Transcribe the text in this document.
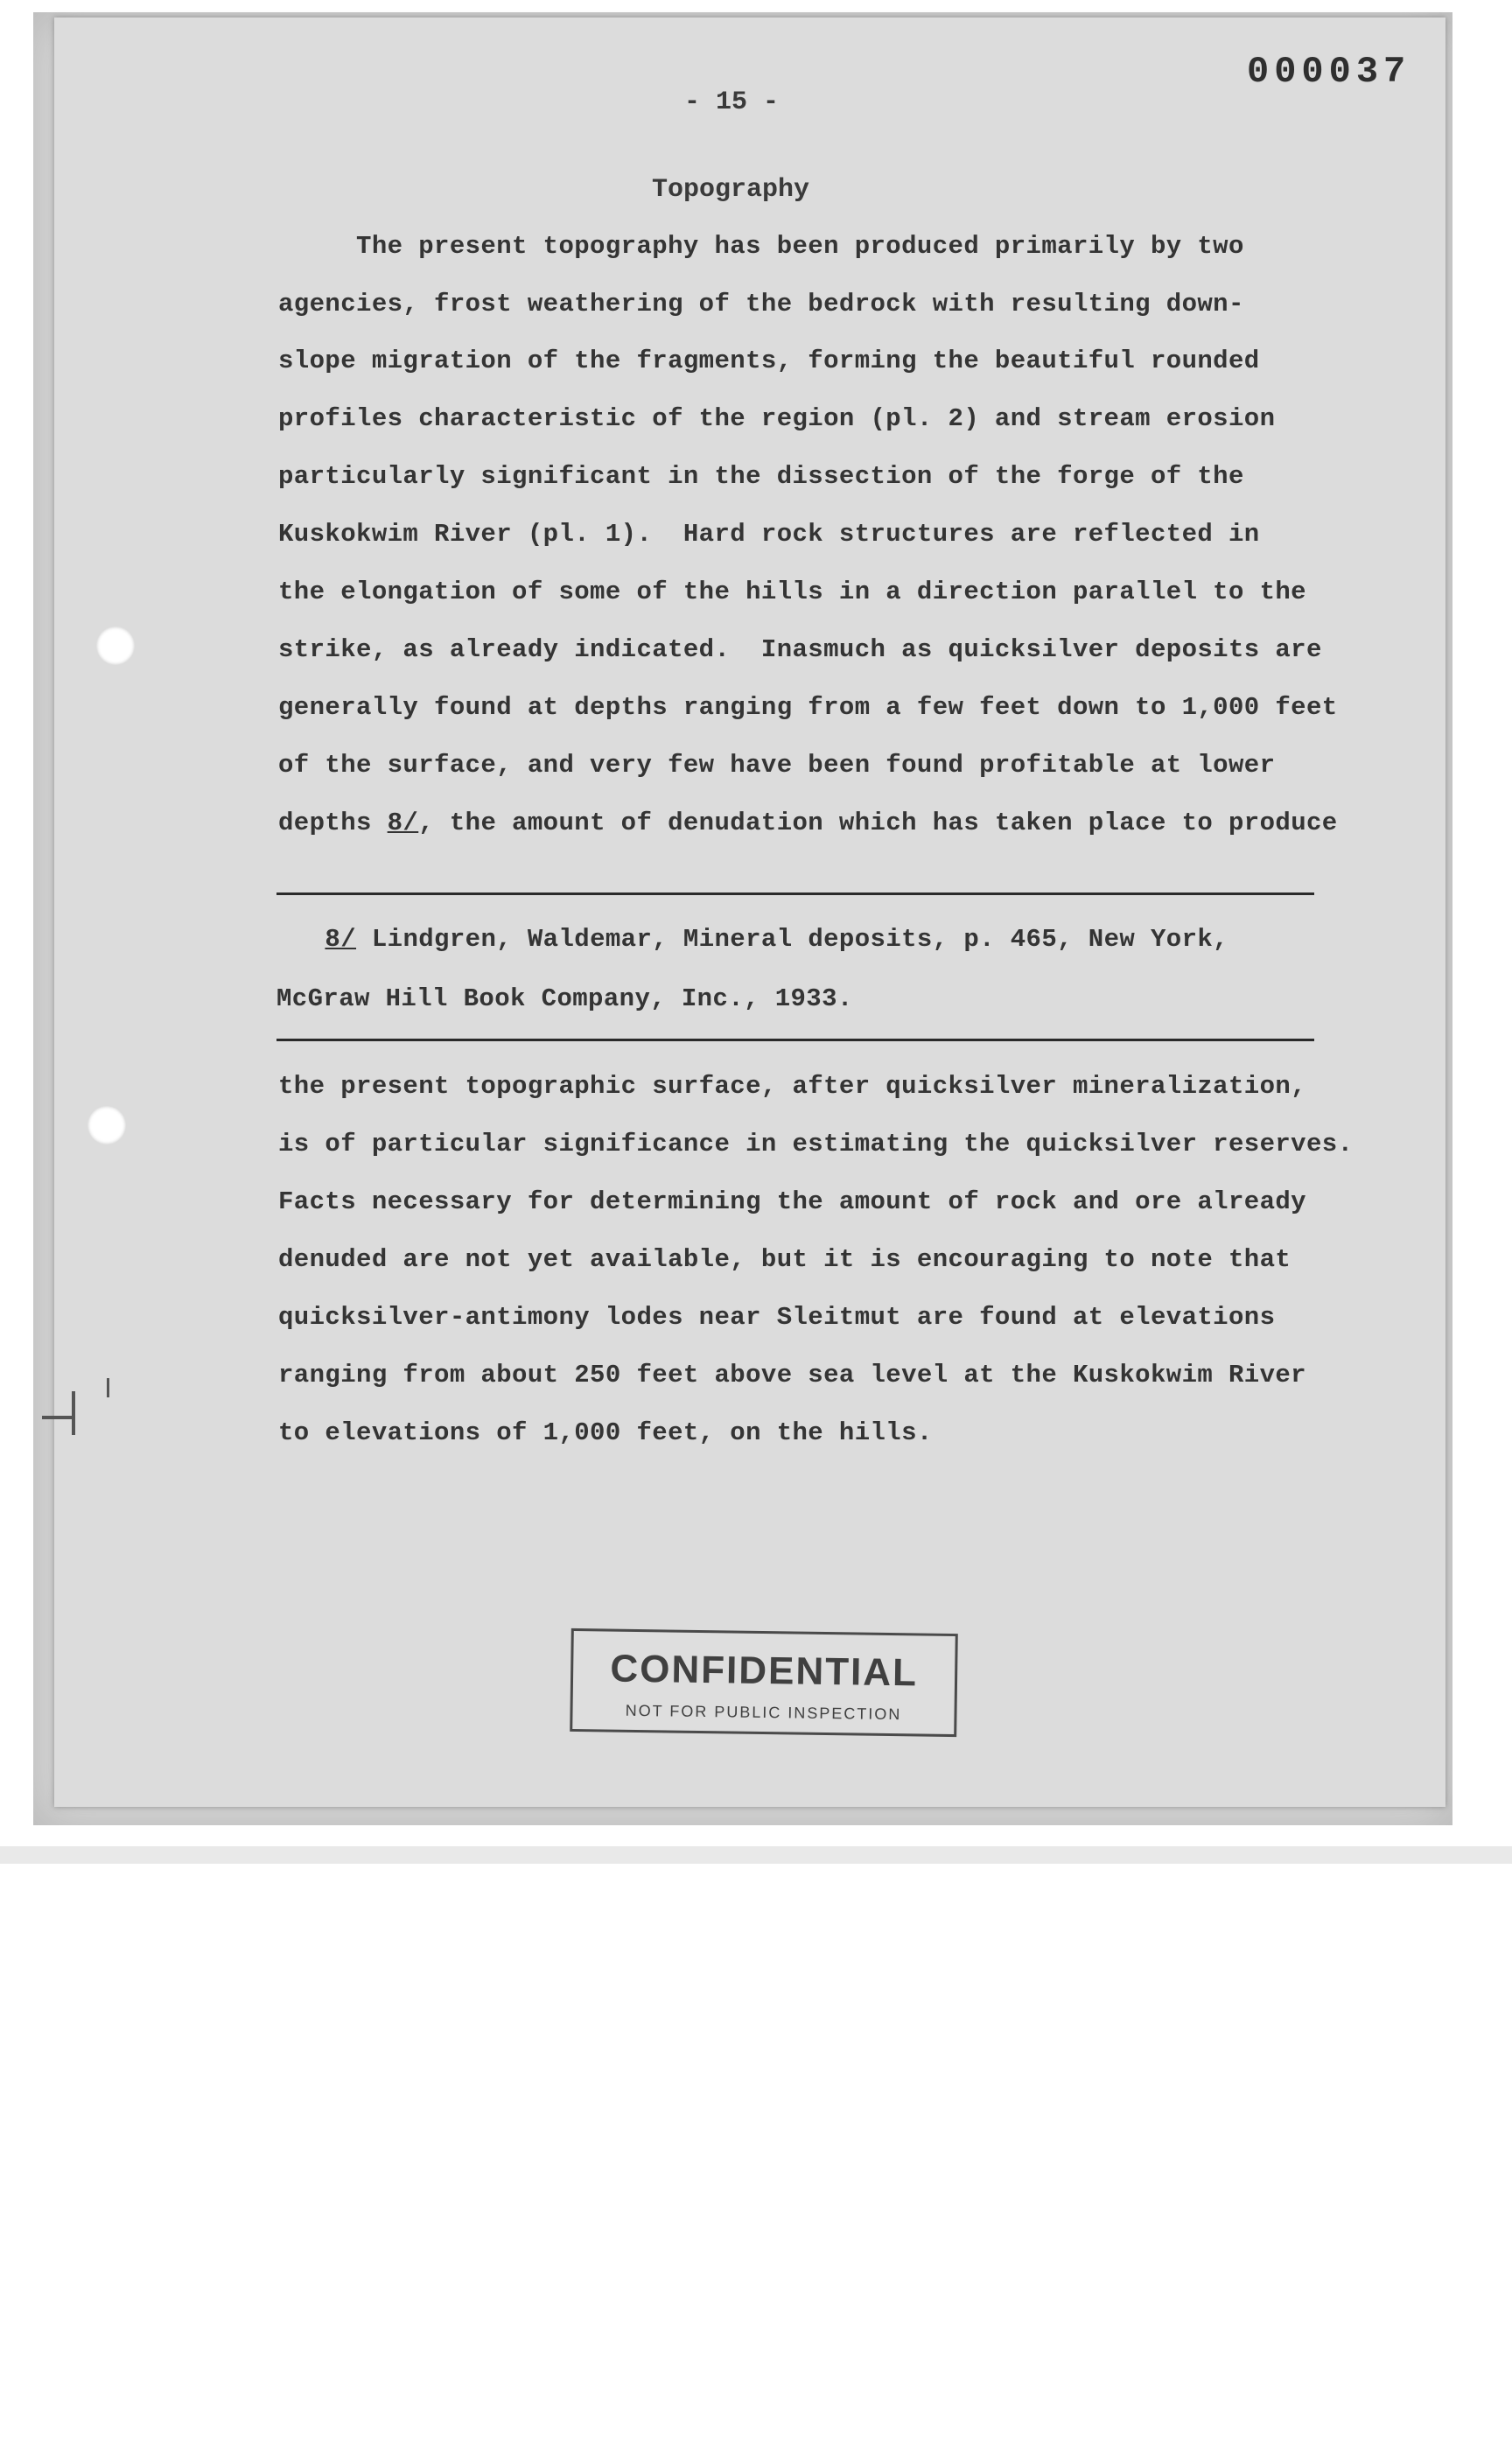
000037
- 15 -
Topography
The present topography has been produced primarily by two
agencies, frost weathering of the bedrock with resulting down-
slope migration of the fragments, forming the beautiful rounded
profiles characteristic of the region (pl. 2) and stream erosion
particularly significant in the dissection of the forge of the
Kuskokwim River (pl. 1).  Hard rock structures are reflected in
the elongation of some of the hills in a direction parallel to the
strike, as already indicated.  Inasmuch as quicksilver deposits are
generally found at depths ranging from a few feet down to 1,000 feet
of the surface, and very few have been found profitable at lower
depths 8/, the amount of denudation which has taken place to produce
8/ Lindgren, Waldemar, Mineral deposits, p. 465, New York,
McGraw Hill Book Company, Inc., 1933.
the present topographic surface, after quicksilver mineralization,
is of particular significance in estimating the quicksilver reserves.
Facts necessary for determining the amount of rock and ore already
denuded are not yet available, but it is encouraging to note that
quicksilver-antimony lodes near Sleitmut are found at elevations
ranging from about 250 feet above sea level at the Kuskokwim River
to elevations of 1,000 feet, on the hills.
CONFIDENTIAL
NOT FOR PUBLIC INSPECTION
